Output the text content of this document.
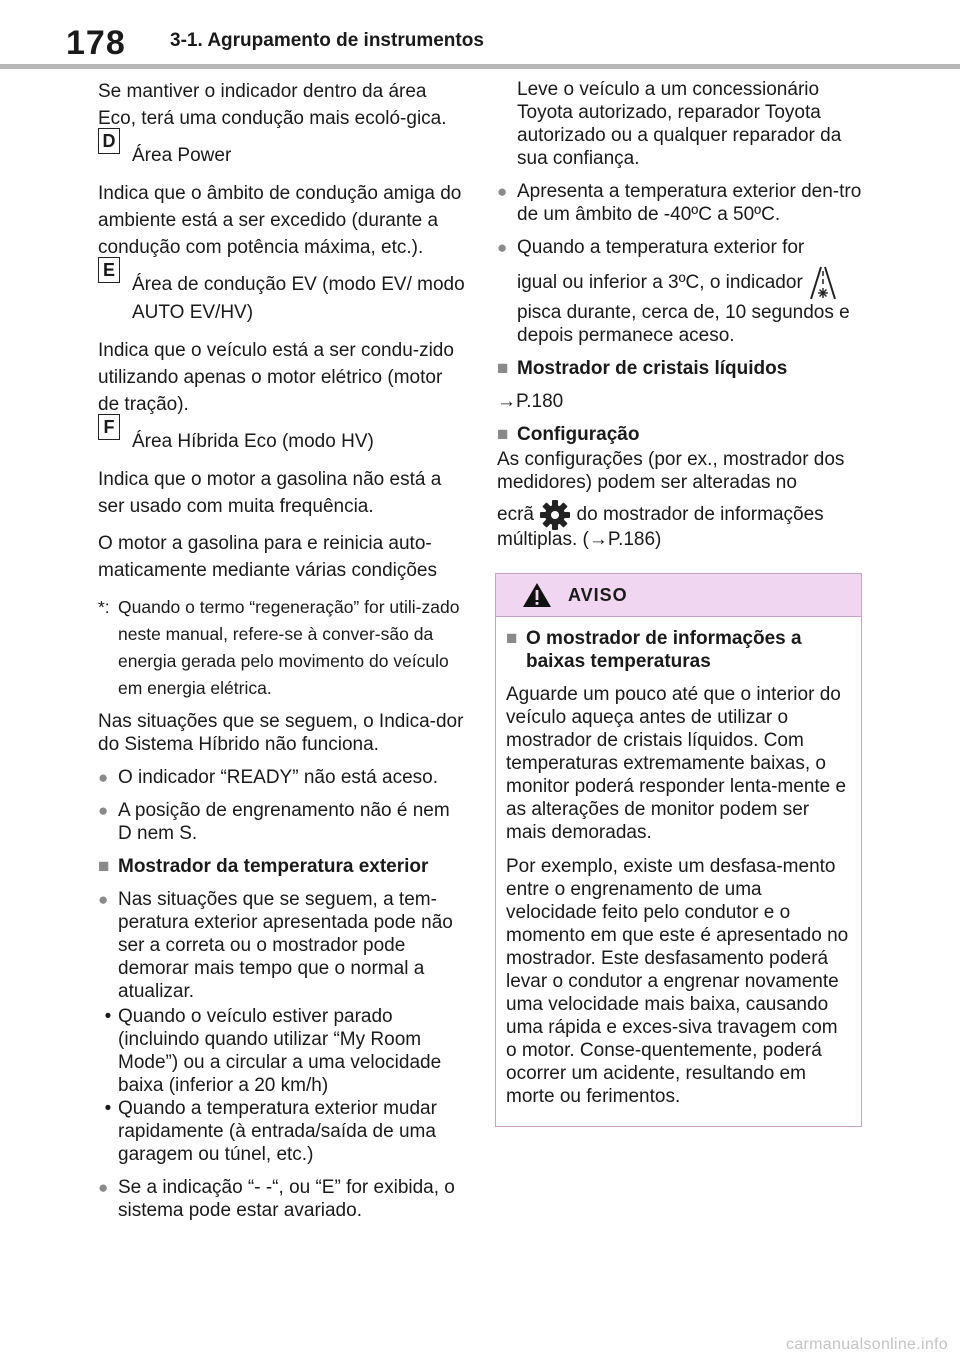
178 3-1. Agrupamento de instrumentos

Se mantiver o indicador dentro da área Eco, terá uma condução mais ecoló-gica.

D
Área Power

Indica que o âmbito de condução amiga do ambiente está a ser excedido (durante a condução com potência máxima, etc.).

E
Área de condução EV (modo EV/ modo AUTO EV/HV)

Indica que o veículo está a ser condu-zido utilizando apenas o motor elétrico (motor de tração).

F
Área Híbrida Eco (modo HV)

Indica que o motor a gasolina não está a ser usado com muita frequência.

O motor a gasolina para e reinicia auto-maticamente mediante várias condições

*: Quando o termo “regeneração” for utili-zado neste manual, refere-se à conver-são da energia gerada pelo movimento do veículo em energia elétrica.

Nas situações que se seguem, o Indica-dor do Sistema Híbrido não funciona.

● O indicador “READY” não está aceso.
● A posição de engrenamento não é nem D nem S.
■ Mostrador da temperatura exterior
● Nas situações que se seguem, a tem-peratura exterior apresentada pode não ser a correta ou o mostrador pode demorar mais tempo que o normal a atualizar.
• Quando o veículo estiver parado (incluindo quando utilizar “My Room Mode”) ou a circular a uma velocidade baixa (inferior a 20 km/h)
• Quando a temperatura exterior mudar rapidamente (à entrada/saída de uma garagem ou túnel, etc.)
● Se a indicação “- -“, ou “E” for exibida, o sistema pode estar avariado.

Leve o veículo a um concessionário Toyota autorizado, reparador Toyota autorizado ou a qualquer reparador da sua confiança.

● Apresenta a temperatura exterior den-tro de um âmbito de -40ºC a 50ºC.
● Quando a temperatura exterior for
igual ou inferior a 3ºC, o indicador
pisca durante, cerca de, 10 segundos e depois permanece aceso.
■ Mostrador de cristais líquidos

→P.180

■ Configuração

As configurações (por ex., mostrador dos medidores) podem ser alteradas no

ecrã do mostrador de informações

múltiplas. (→P.186)

AVISO
■ O mostrador de informações a baixas temperaturas

Aguarde um pouco até que o interior do veículo aqueça antes de utilizar o mostrador de cristais líquidos. Com temperaturas extremamente baixas, o monitor poderá responder lenta-mente e as alterações de monitor podem ser mais demoradas.

Por exemplo, existe um desfasa-mento entre o engrenamento de uma velocidade feito pelo condutor e o momento em que este é apresentado no mostrador. Este desfasamento poderá levar o condutor a engrenar novamente uma velocidade mais baixa, causando uma rápida e exces-siva travagem com o motor. Conse-quentemente, poderá ocorrer um acidente, resultando em morte ou ferimentos.

carmanualsonline.info
